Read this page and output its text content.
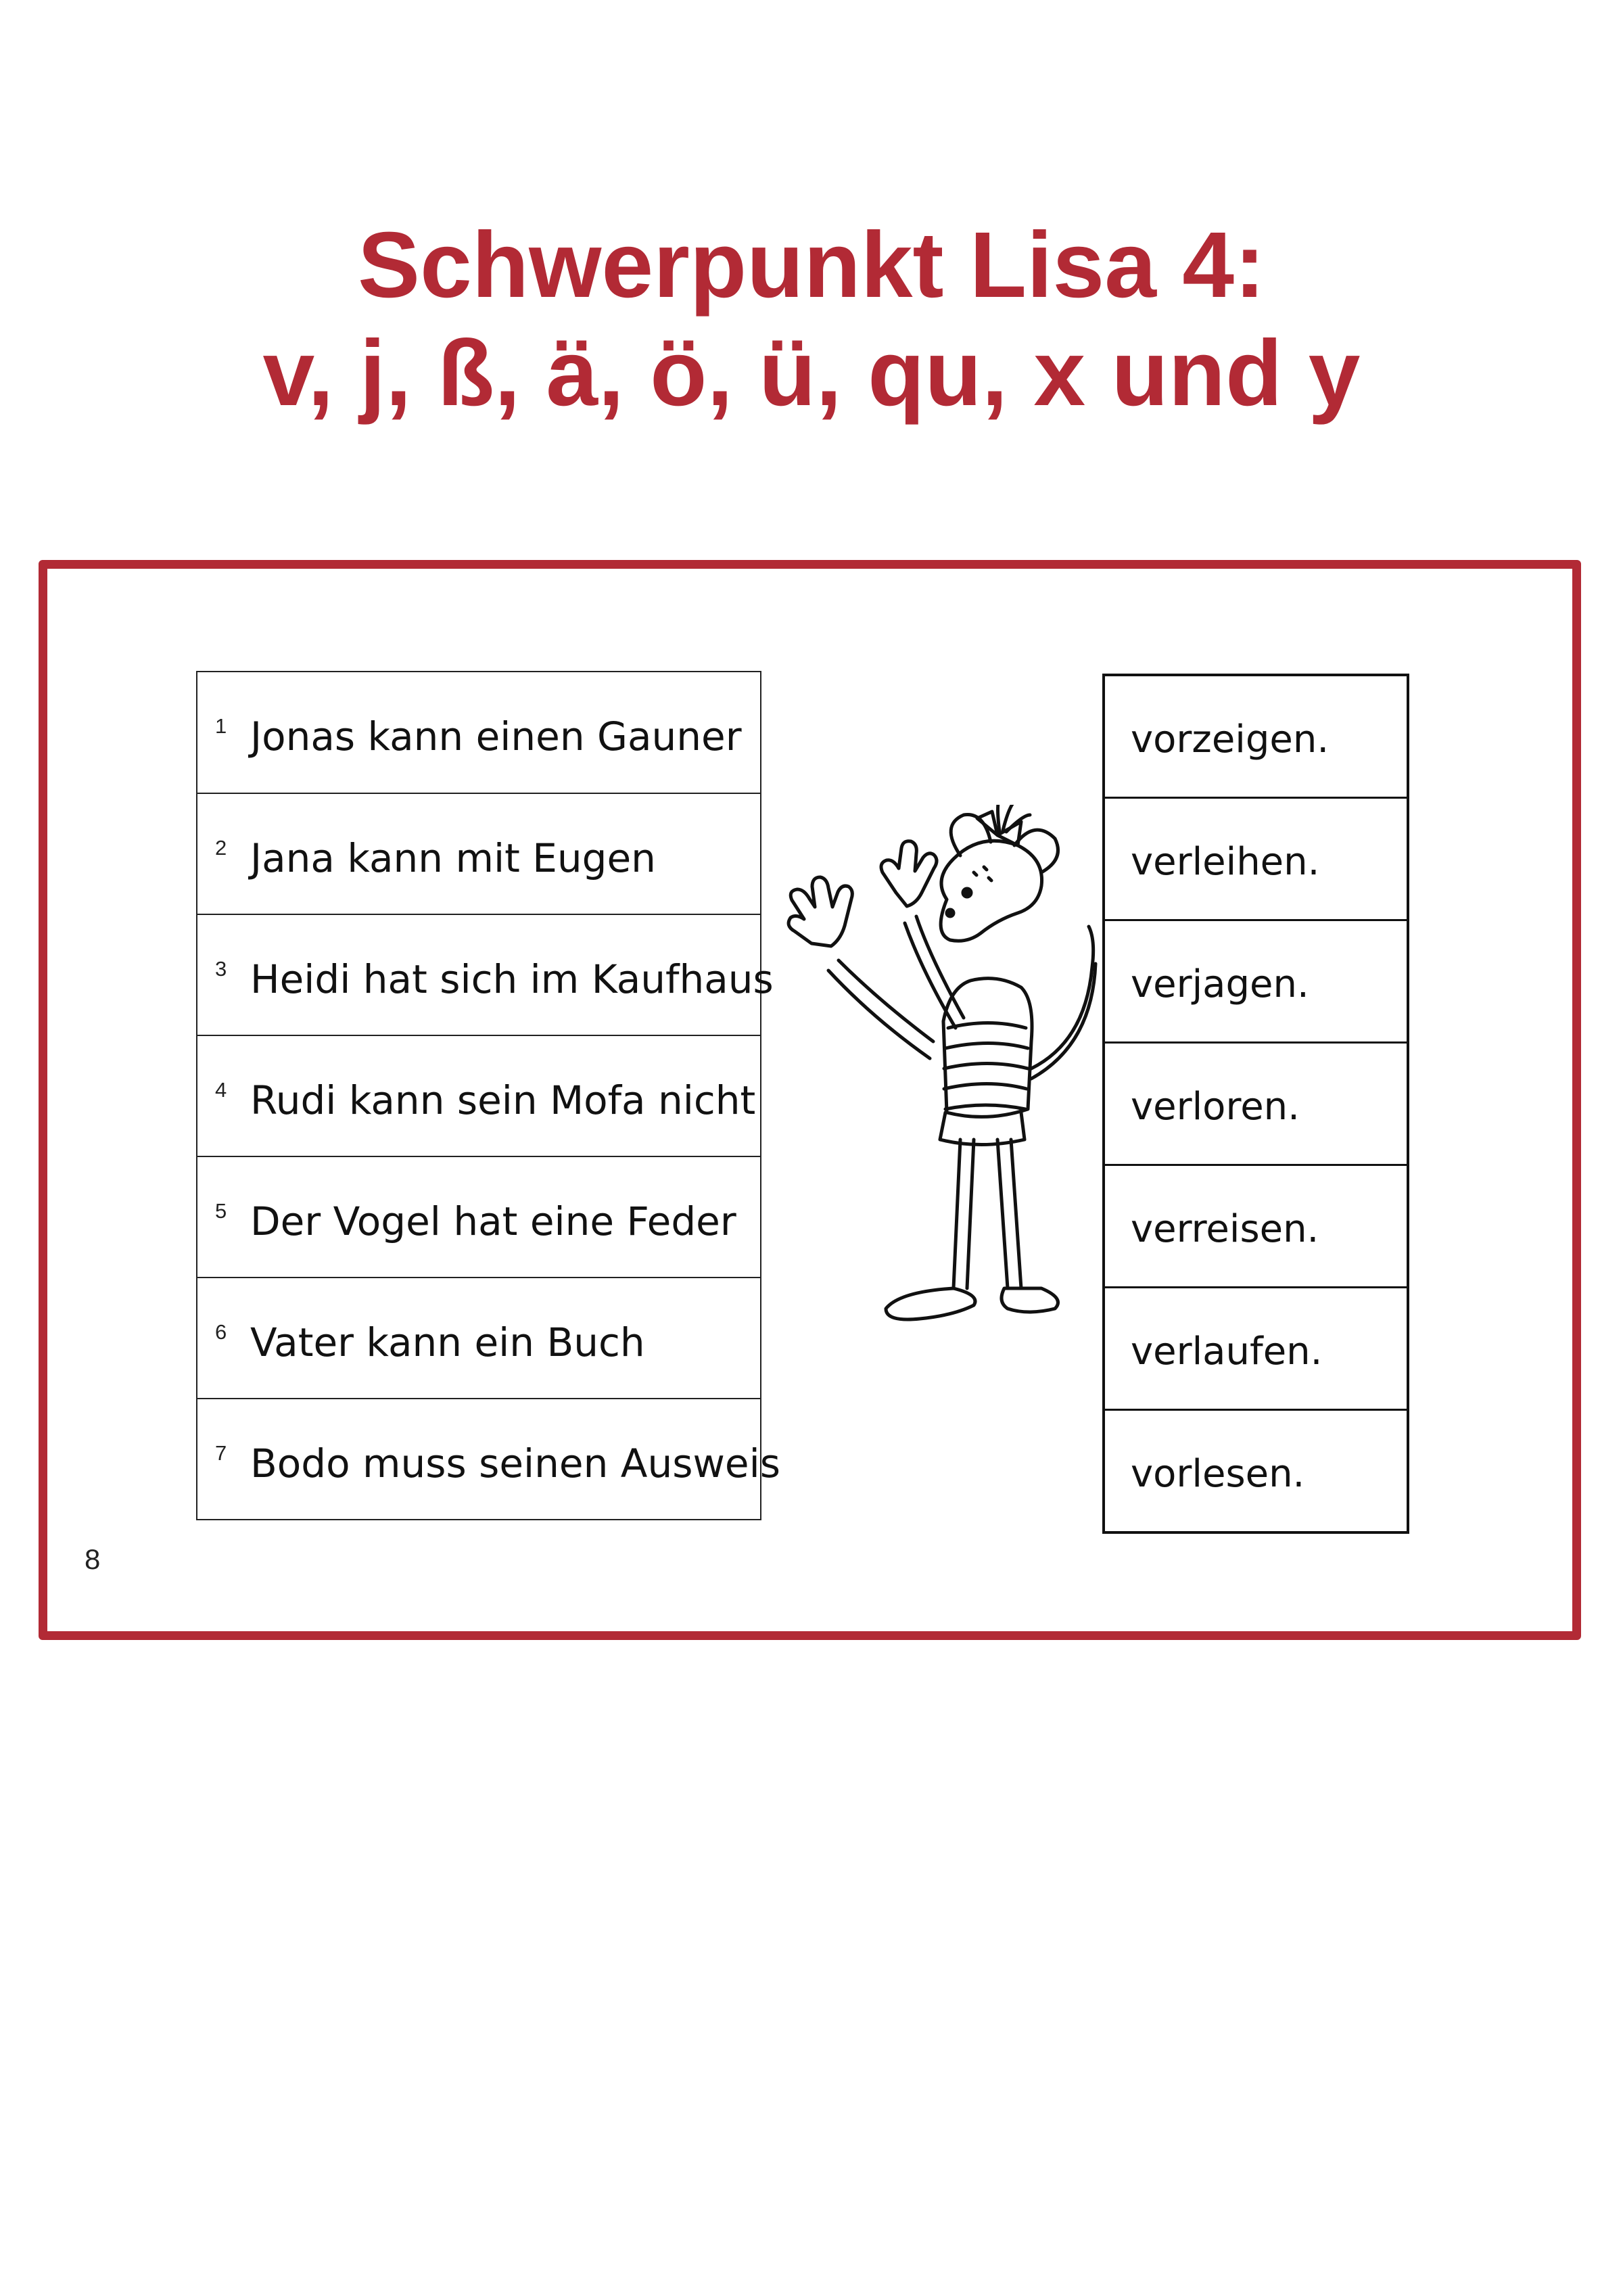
Schwerpunkt Lisa 4:
v, j, ß, ä, ö, ü, qu, x und y
1 Jonas kann einen Gauner
2 Jana kann mit Eugen
3 Heidi hat sich im Kaufhaus
4 Rudi kann sein Mofa nicht
5 Der Vogel hat eine Feder
6 Vater kann ein Buch
7 Bodo muss seinen Ausweis
vorzeigen.
verleihen.
verjagen.
verloren.
verreisen.
verlaufen.
vorlesen.
8
